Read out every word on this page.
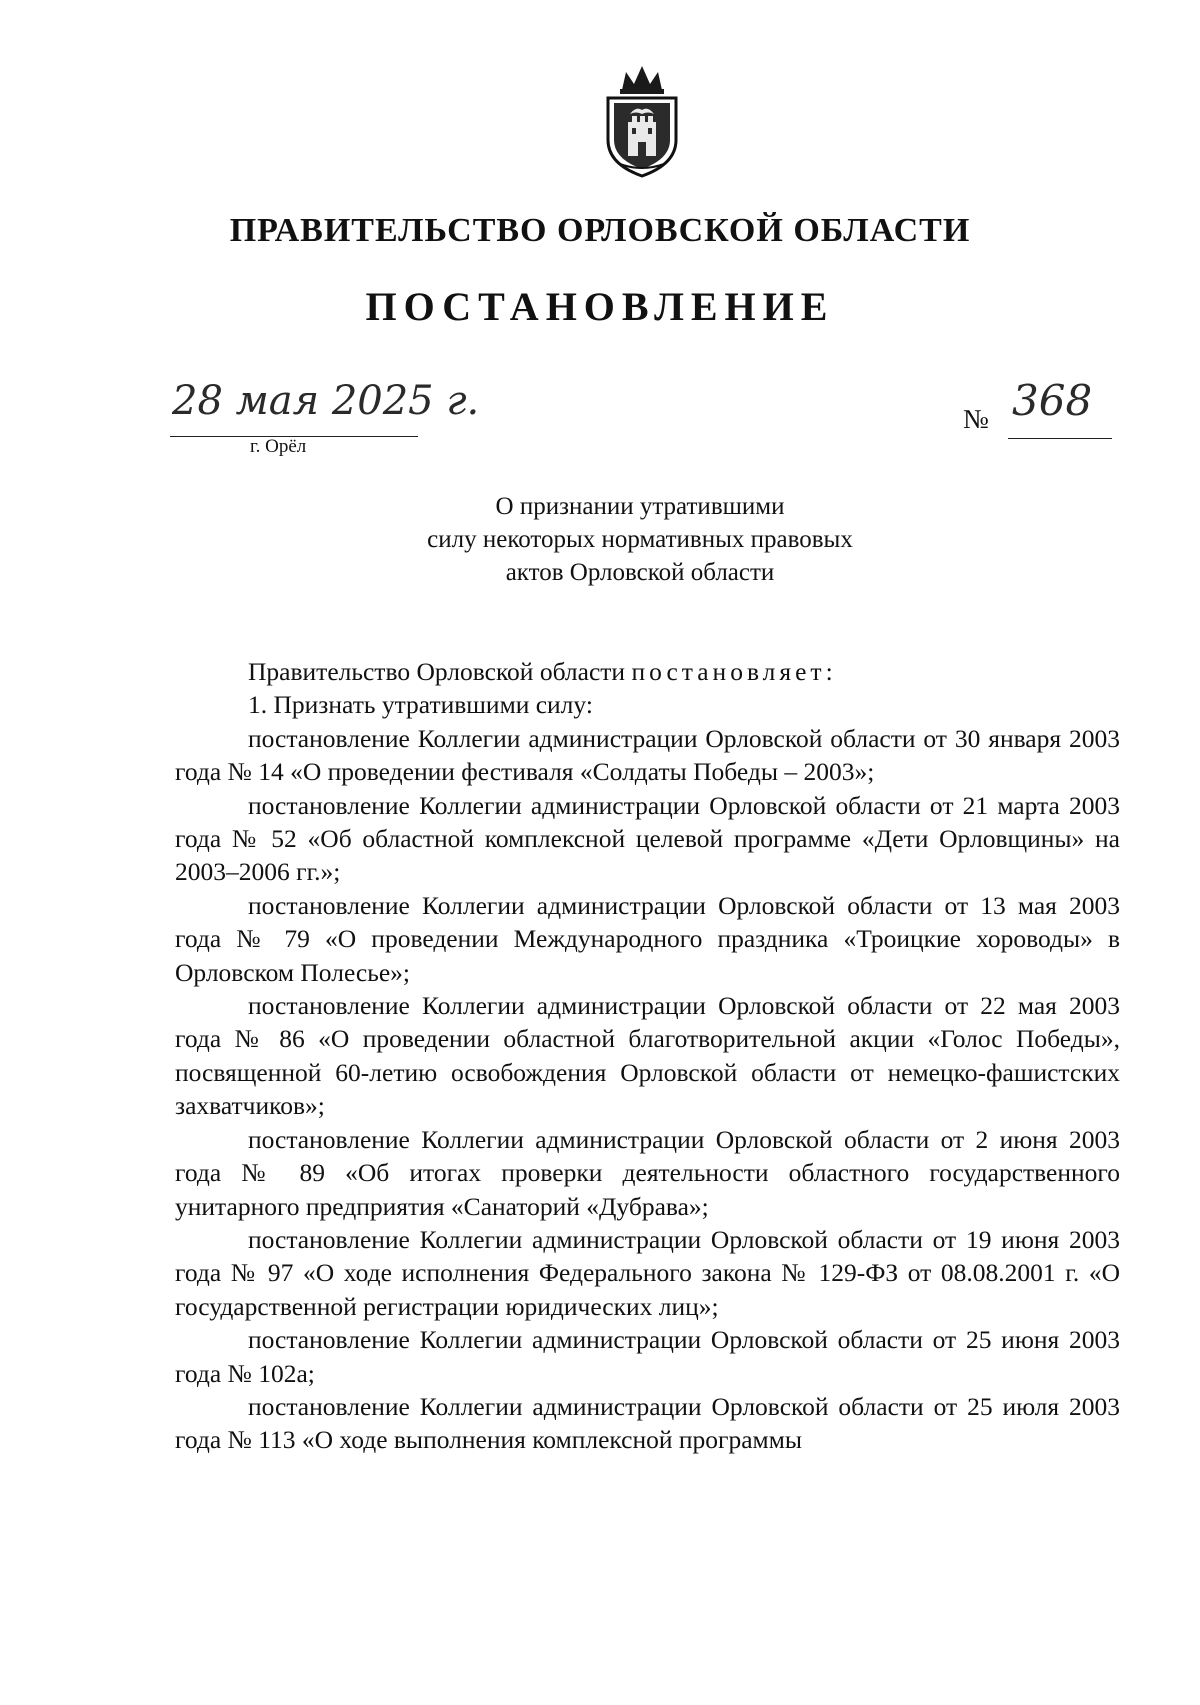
ПРАВИТЕЛЬСТВО ОРЛОВСКОЙ ОБЛАСТИ
ПОСТАНОВЛЕНИЕ
28 мая 2025 г.
г. Орёл
№ 368
О признании утратившими
силу некоторых нормативных правовых
актов Орловской области

Правительство Орловской области постановляет:

1. Признать утратившими силу:

постановление Коллегии администрации Орловской области от 30 января 2003 года № 14 «О проведении фестиваля «Солдаты Победы – 2003»;

постановление Коллегии администрации Орловской области от 21 марта 2003 года № 52 «Об областной комплексной целевой программе «Дети Орловщины» на 2003–2006 гг.»;

постановление Коллегии администрации Орловской области от 13 мая 2003 года № 79 «О проведении Международного праздника «Троицкие хороводы» в Орловском Полесье»;

постановление Коллегии администрации Орловской области от 22 мая 2003 года № 86 «О проведении областной благотворительной акции «Голос Победы», посвященной 60-летию освобождения Орловской области от немецко-фашистских захватчиков»;

постановление Коллегии администрации Орловской области от 2 июня 2003 года № 89 «Об итогах проверки деятельности областного государственного унитарного предприятия «Санаторий «Дубрава»;

постановление Коллегии администрации Орловской области от 19 июня 2003 года № 97 «О ходе исполнения Федерального закона № 129-ФЗ от 08.08.2001 г. «О государственной регистрации юридических лиц»;

постановление Коллегии администрации Орловской области от 25 июня 2003 года № 102а;

постановление Коллегии администрации Орловской области от 25 июля 2003 года № 113 «О ходе выполнения комплексной программы
